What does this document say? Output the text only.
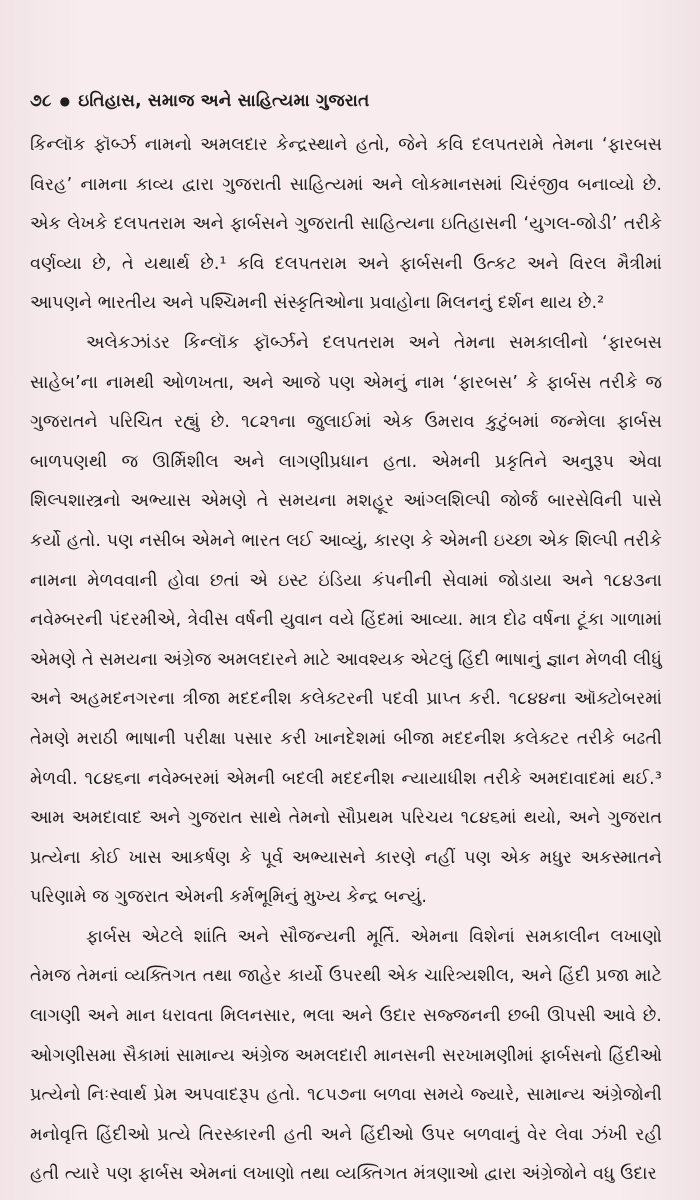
૭૮ ● ઇતિહાસ, સમાજ અને સાહિત્યમા ગુજરાત

કિન્લૉક ફૉર્બ્ઝ નામનો અમલદાર કેન્દ્રસ્થાને હતો, જેને કવિ દલપતરામે તેમના ‘ફારબસ વિરહ’ નામના કાવ્ય દ્વારા ગુજરાતી સાહિત્યમાં અને લોકમાનસમાં ચિરંજીવ બનાવ્યો છે. એક લેખકે દલપતરામ અને ફાર્બસને ગુજરાતી સાહિત્યના ઇતિહાસની ‘યુગલ-જોડી’ તરીકે વર્ણવ્યા છે, તે યથાર્થ છે.¹ કવિ દલપતરામ અને ફાર્બસની ઉત્કટ અને વિરલ મૈત્રીમાં આપણને ભારતીય અને પશ્ચિમની સંસ્કૃતિઓના પ્રવાહોના મિલનનું દર્શન થાય છે.²

અલેકઝાંડર કિન્લૉક ફૉર્બ્ઝને દલપતરામ અને તેમના સમકાલીનો ‘ફારબસ સાહેબ’ના નામથી ઓળખતા, અને આજે પણ એમનું નામ ‘ફારબસ’ કે ફાર્બસ તરીકે જ ગુજરાતને પરિચિત રહ્યું છે. ૧૮૨૧ના જુલાઈમાં એક ઉમરાવ કુટુંબમાં જન્મેલા ફાર્બસ બાળપણથી જ ઊર્મિશીલ અને લાગણીપ્રધાન હતા. એમની પ્રકૃતિને અનુરૂપ એવા શિલ્પશાસ્ત્રનો અભ્યાસ એમણે તે સમયના મશહૂર આંગ્લશિલ્પી જોર્જ બારસેવિની પાસે કર્યો હતો. પણ નસીબ એમને ભારત લઈ આવ્યું, કારણ કે એમની ઇચ્છા એક શિલ્પી તરીકે નામના મેળવવાની હોવા છતાં એ ઇસ્ટ ઇંડિયા કંપનીની સેવામાં જોડાયા અને ૧૮૪૩ના નવેમ્બરની પંદરમીએ, ત્રેવીસ વર્ષની યુવાન વયે હિંદમાં આવ્યા. માત્ર દોઢ વર્ષના ટૂંકા ગાળામાં એમણે તે સમયના અંગ્રેજ અમલદારને માટે આવશ્યક એટલું હિંદી ભાષાનું જ્ઞાન મેળવી લીધું અને અહમદનગરના ત્રીજા મદદનીશ કલેક્ટરની પદવી પ્રાપ્ત કરી. ૧૮૪૪ના ઑક્ટોબરમાં તેમણે મરાઠી ભાષાની પરીક્ષા પસાર કરી ખાનદેશમાં બીજા મદદનીશ કલેક્ટર તરીકે બઢતી મેળવી. ૧૮૪૬ના નવેમ્બરમાં એમની બદલી મદદનીશ ન્યાયાધીશ તરીકે અમદાવાદમાં થઈ.³ આમ અમદાવાદ અને ગુજરાત સાથે તેમનો સૌપ્રથમ પરિચય ૧૮૪૬માં થયો, અને ગુજરાત પ્રત્યેના કોઈ ખાસ આકર્ષણ કે પૂર્વ અભ્યાસને કારણે નહીં પણ એક મધુર અકસ્માતને પરિણામે જ ગુજરાત એમની કર્મભૂમિનું મુખ્ય કેન્દ્ર બન્યું.

ફાર્બસ એટલે શાંતિ અને સૌજન્યની મૂર્તિ. એમના વિશેનાં સમકાલીન લખાણો તેમજ તેમનાં વ્યક્તિગત તથા જાહેર કાર્યો ઉપરથી એક ચારિત્ર્યશીલ, અને હિંદી પ્રજા માટે લાગણી અને માન ધરાવતા મિલનસાર, ભલા અને ઉદાર સજ્જનની છબી ઊપસી આવે છે. ઓગણીસમા સૈકામાં સામાન્ય અંગ્રેજ અમલદારી માનસની સરખામણીમાં ફાર્બસનો હિંદીઓ પ્રત્યેનો નિઃસ્વાર્થ પ્રેમ અપવાદરૂપ હતો. ૧૮૫૭ના બળવા સમયે જ્યારે, સામાન્ય અંગ્રેજોની મનોવૃત્તિ હિંદીઓ પ્રત્યે તિરસ્કારની હતી અને હિંદીઓ ઉપર બળવાનું વેર લેવા ઝંખી રહી હતી ત્યારે પણ ફાર્બસ એમનાં લખાણો તથા વ્યક્તિગત મંત્રણાઓ દ્વારા અંગ્રેજોને વધુ ઉદાર
